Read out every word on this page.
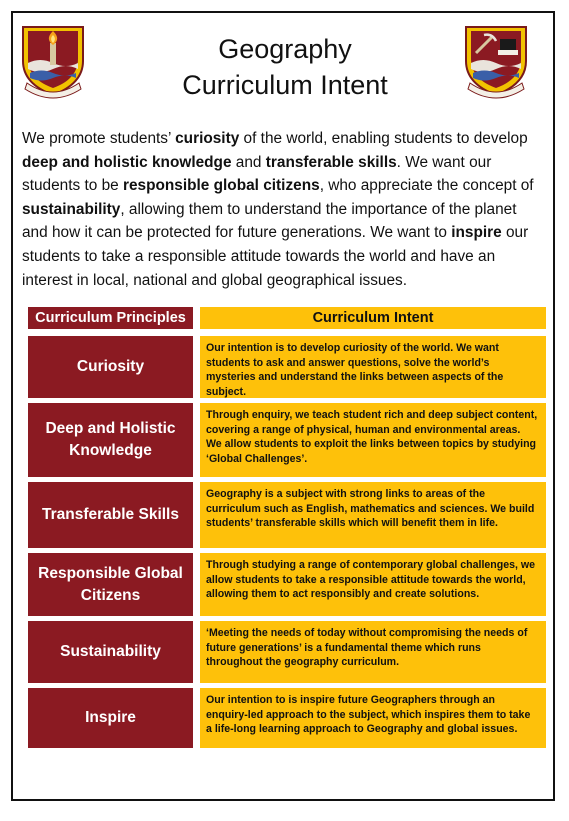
Geography
Curriculum Intent

We promote students’ curiosity of the world, enabling students to develop deep and holistic knowledge and transferable skills. We want our students to be responsible global citizens, who appreciate the concept of sustainability, allowing them to understand the importance of the planet and how it can be protected for future generations. We want to inspire our students to take a responsible attitude towards the world and have an interest in local, national and global geographical issues.

Curriculum Principles	Curriculum Intent
Curiosity
Our intention is to develop curiosity of the world. We want students to ask and answer questions, solve the world’s mysteries and understand the links between aspects of the subject.
Deep and Holistic Knowledge
Through enquiry, we teach student rich and deep subject content, covering a range of physical, human and environmental areas. We allow students to exploit the links between topics by studying ‘Global Challenges’.
Transferable Skills
Geography is a subject with strong links to areas of the curriculum such as English, mathematics and sciences. We build students’ transferable skills which will benefit them in life.
Responsible Global Citizens
Through studying a range of contemporary global challenges, we allow students to take a responsible attitude towards the world, allowing them to act responsibly and create solutions.
Sustainability
‘Meeting the needs of today without compromising the needs of future generations’ is a fundamental theme which runs throughout the geography curriculum.
Inspire
Our intention to is inspire future Geographers through an enquiry-led approach to the subject, which inspires them to take a life-long learning approach to Geography and global issues.
